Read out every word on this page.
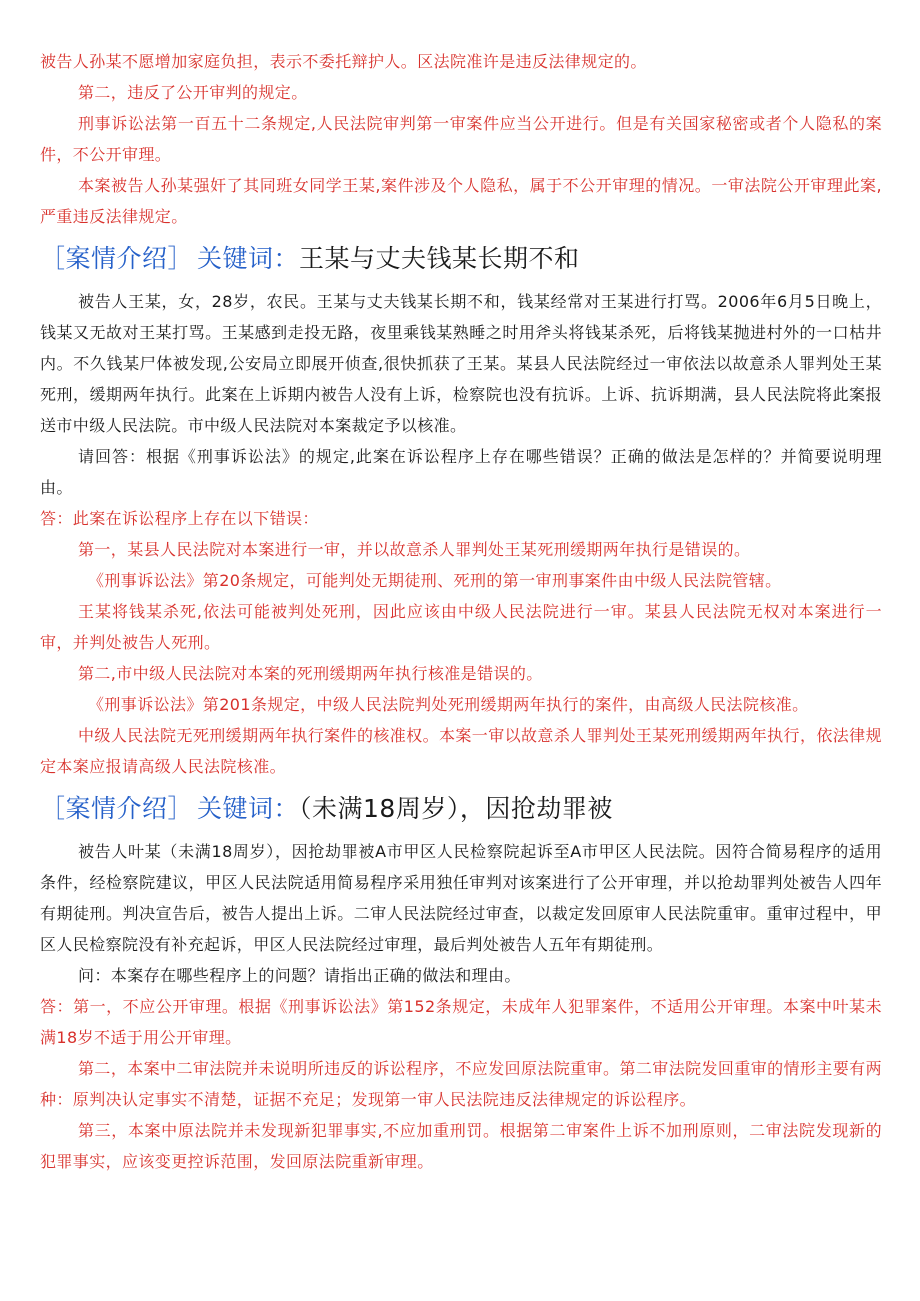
被告人孙某不愿增加家庭负担，表示不委托辩护人。区法院准许是违反法律规定的。

第二，违反了公开审判的规定。

刑事诉讼法第一百五十二条规定,人民法院审判第一审案件应当公开进行。但是有关国家秘密或者个人隐私的案件，不公开审理。

本案被告人孙某强奸了其同班女同学王某,案件涉及个人隐私，属于不公开审理的情况。一审法院公开审理此案,严重违反法律规定。

［案情介绍］ 关键词：王某与丈夫钱某长期不和

被告人王某，女，28岁，农民。王某与丈夫钱某长期不和，钱某经常对王某进行打骂。2006年6月5日晚上，钱某又无故对王某打骂。王某感到走投无路，夜里乘钱某熟睡之时用斧头将钱某杀死，后将钱某抛进村外的一口枯井内。不久钱某尸体被发现,公安局立即展开侦查,很快抓获了王某。某县人民法院经过一审依法以故意杀人罪判处王某死刑，缓期两年执行。此案在上诉期内被告人没有上诉，检察院也没有抗诉。上诉、抗诉期满，县人民法院将此案报送市中级人民法院。市中级人民法院对本案裁定予以核准。

请回答：根据《刑事诉讼法》的规定,此案在诉讼程序上存在哪些错误？正确的做法是怎样的？并简要说明理由。

答：此案在诉讼程序上存在以下错误：

第一，某县人民法院对本案进行一审，并以故意杀人罪判处王某死刑缓期两年执行是错误的。

《刑事诉讼法》第20条规定，可能判处无期徒刑、死刑的第一审刑事案件由中级人民法院管辖。

王某将钱某杀死,依法可能被判处死刑，因此应该由中级人民法院进行一审。某县人民法院无权对本案进行一审，并判处被告人死刑。

第二,市中级人民法院对本案的死刑缓期两年执行核准是错误的。

《刑事诉讼法》第201条规定，中级人民法院判处死刑缓期两年执行的案件，由高级人民法院核准。

中级人民法院无死刑缓期两年执行案件的核准权。本案一审以故意杀人罪判处王某死刑缓期两年执行，依法律规定本案应报请高级人民法院核准。

［案情介绍］ 关键词：（未满18周岁），因抢劫罪被

被告人叶某（未满18周岁），因抢劫罪被A市甲区人民检察院起诉至A市甲区人民法院。因符合简易程序的适用条件，经检察院建议，甲区人民法院适用简易程序采用独任审判对该案进行了公开审理，并以抢劫罪判处被告人四年有期徒刑。判决宣告后，被告人提出上诉。二审人民法院经过审查，以裁定发回原审人民法院重审。重审过程中，甲区人民检察院没有补充起诉，甲区人民法院经过审理，最后判处被告人五年有期徒刑。

问：本案存在哪些程序上的问题？请指出正确的做法和理由。

答：第一，不应公开审理。根据《刑事诉讼法》第152条规定，未成年人犯罪案件，不适用公开审理。本案中叶某未满18岁不适于用公开审理。

第二，本案中二审法院并未说明所违反的诉讼程序，不应发回原法院重审。第二审法院发回重审的情形主要有两种：原判决认定事实不清楚，证据不充足；发现第一审人民法院违反法律规定的诉讼程序。

第三，本案中原法院并未发现新犯罪事实,不应加重刑罚。根据第二审案件上诉不加刑原则，二审法院发现新的犯罪事实，应该变更控诉范围，发回原法院重新审理。
